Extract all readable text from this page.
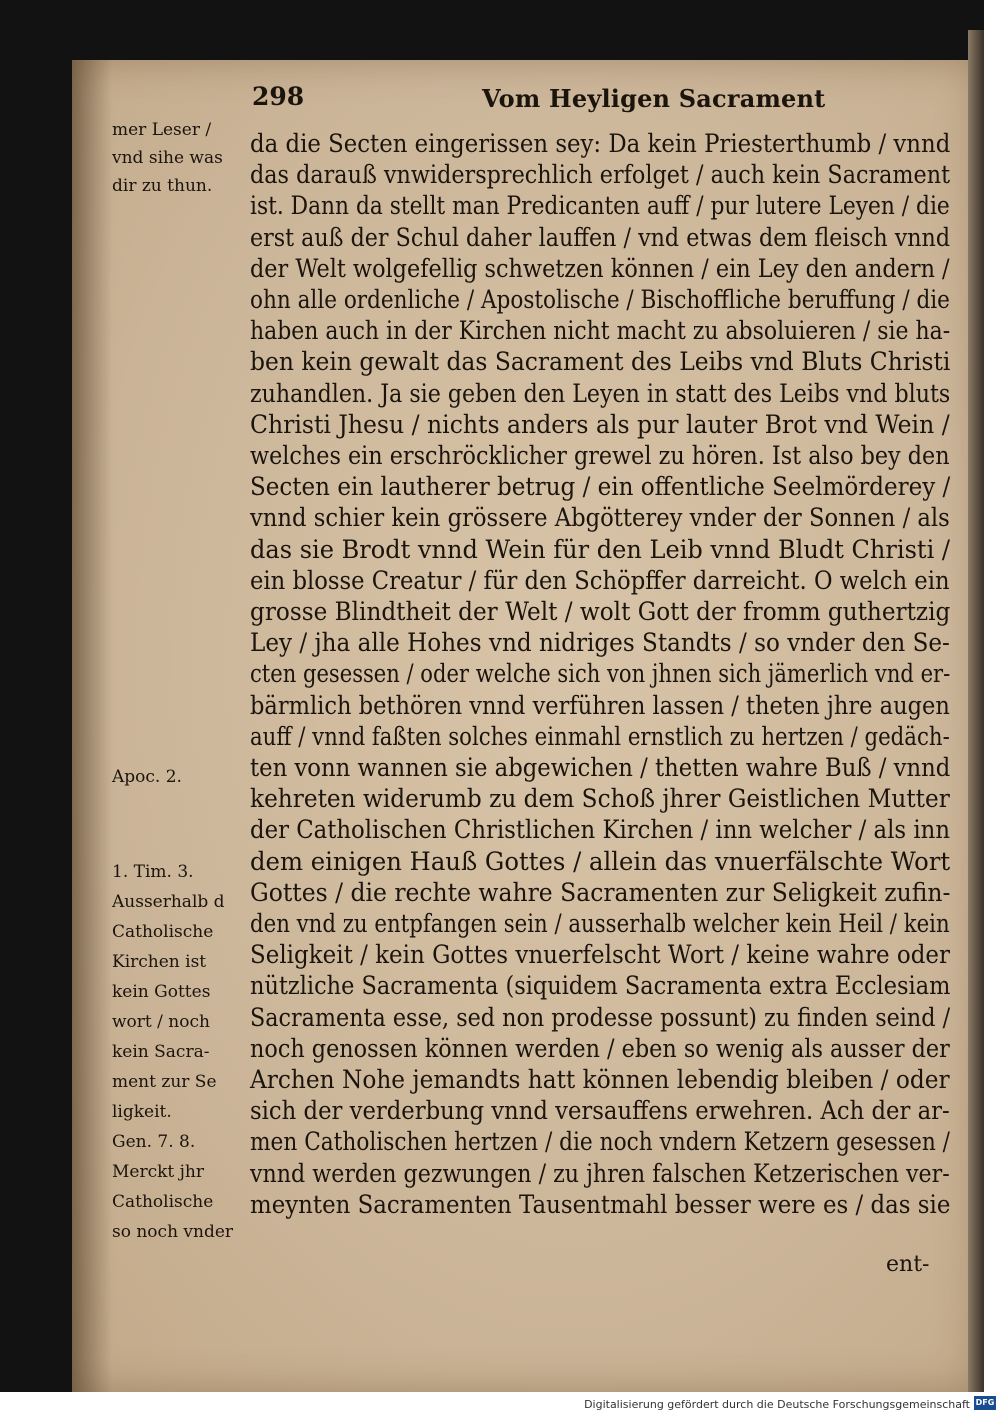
298	Vom Heyligen Sacrament
da die Secten eingerissen sey: Da kein Priesterthumb / vnnd
das darauß vnwidersprechlich erfolget / auch kein Sacrament
ist. Dann da stellt man Predicanten auff / pur lutere Leyen / die
erst auß der Schul daher lauffen / vnd etwas dem fleisch vnnd
der Welt wolgefellig schwetzen können / ein Ley den andern /
ohn alle ordenliche / Apostolische / Bischoffliche beruffung / die
haben auch in der Kirchen nicht macht zu absoluieren / sie ha-
ben kein gewalt das Sacrament des Leibs vnd Bluts Christi
zuhandlen. Ja sie geben den Leyen in statt des Leibs vnd bluts
Christi Jhesu / nichts anders als pur lauter Brot vnd Wein /
welches ein erschröcklicher grewel zu hören. Ist also bey den
Secten ein lautherer betrug / ein offentliche Seelmörderey /
vnnd schier kein grössere Abgötterey vnder der Sonnen / als
das sie Brodt vnnd Wein für den Leib vnnd Bludt Christi /
ein blosse Creatur / für den Schöpffer darreicht. O welch ein
grosse Blindtheit der Welt / wolt Gott der fromm guthertzig
Ley / jha alle Hohes vnd nidriges Standts / so vnder den Se-
cten gesessen / oder welche sich von jhnen sich jämerlich vnd er-
bärmlich bethören vnnd verführen lassen / theten jhre augen
auff / vnnd faßten solches einmahl ernstlich zu hertzen / gedäch-
ten vonn wannen sie abgewichen / thetten wahre Buß / vnnd
kehreten widerumb zu dem Schoß jhrer Geistlichen Mutter
der Catholischen Christlichen Kirchen / inn welcher / als inn
dem einigen Hauß Gottes / allein das vnuerfälschte Wort
Gottes / die rechte wahre Sacramenten zur Seligkeit zufin-
den vnd zu entpfangen sein / ausserhalb welcher kein Heil / kein
Seligkeit / kein Gottes vnuerfelscht Wort / keine wahre oder
nützliche Sacramenta (siquidem Sacramenta extra Ecclesiam
Sacramenta esse, sed non prodesse possunt) zu finden seind /
noch genossen können werden / eben so wenig als ausser der
Archen Nohe jemandts hatt können lebendig bleiben / oder
sich der verderbung vnnd versauffens erwehren. Ach der ar-
men Catholischen hertzen / die noch vndern Ketzern gesessen /
vnnd werden gezwungen / zu jhren falschen Ketzerischen ver-
meynten Sacramenten Tausentmahl besser were es / das sie
mer Leser /
vnd sihe was
dir zu thun.
Apoc. 2.
1. Tim. 3.
Ausserhalb d
Catholische
Kirchen ist
kein Gottes
wort / noch
kein Sacra-
ment zur Se
ligkeit.
Gen. 7. 8.
Merckt jhr
Catholische
so noch vnder
ent-
Digitalisierung gefördert durch die Deutsche Forschungsgemeinschaft DFG
